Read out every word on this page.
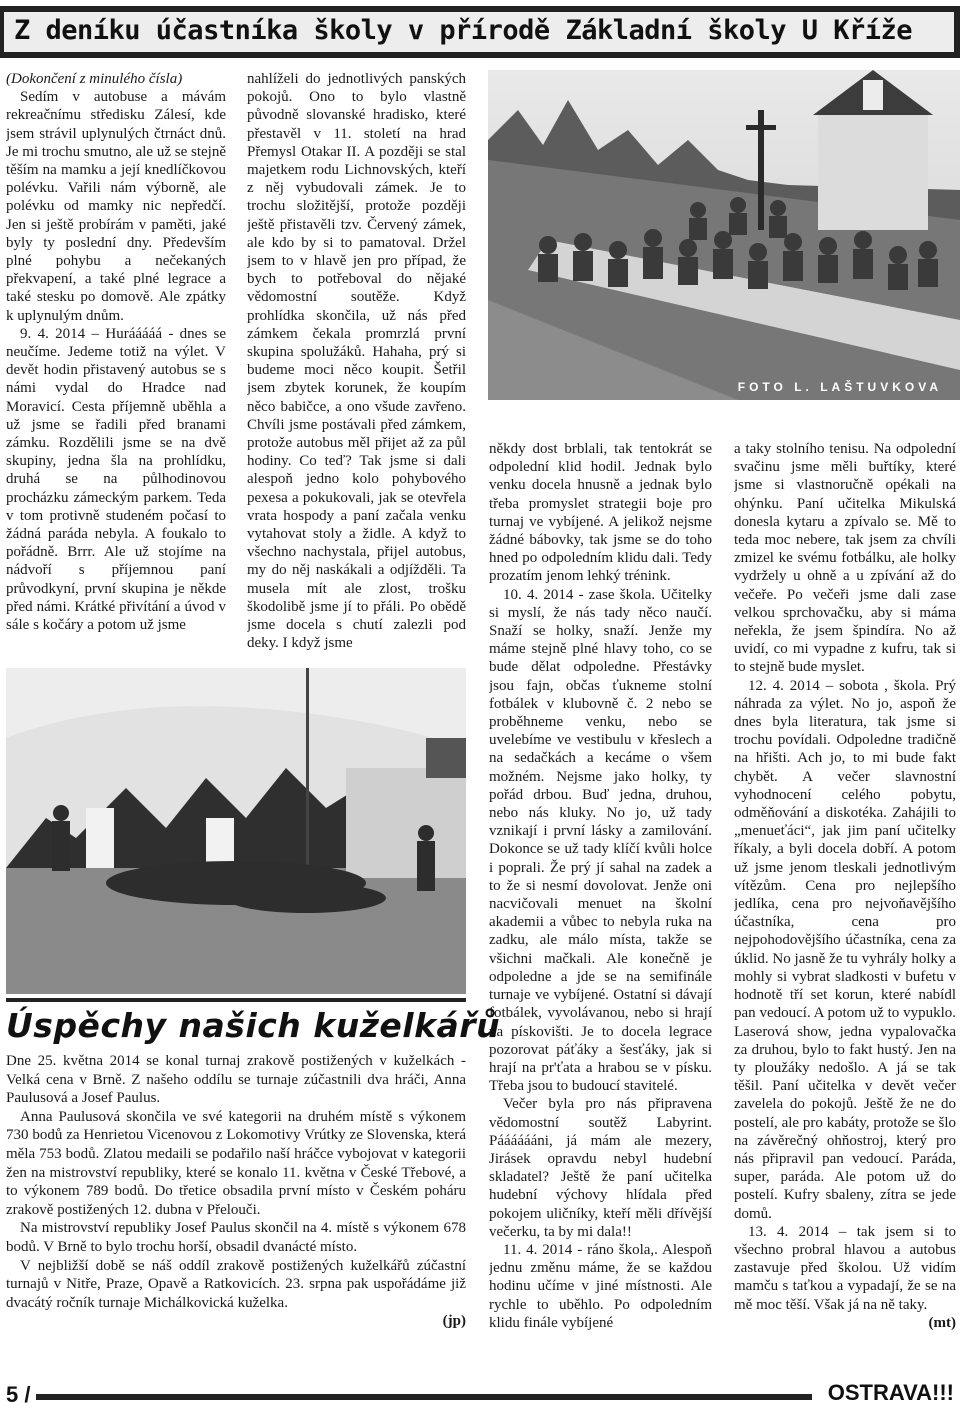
Z deníku účastníka školy v přírodě Základní školy U Kříže

(Dokončení z minulého čísla)

Sedím v autobuse a mávám rekreačnímu středisku Zálesí, kde jsem strávil uplynulých čtrnáct dnů. Je mi trochu smutno, ale už se stejně těším na mamku a její knedlíčkovou polévku. Vařili nám výborně, ale polévku od mamky nic nepředčí. Jen si ještě probírám v paměti, jaké byly ty poslední dny. Především plné pohybu a nečekaných překvapení, a také plné legrace a také stesku po domově. Ale zpátky k uplynulým dnům.

9. 4. 2014 – Hurááááá - dnes se neučíme. Jedeme totiž na výlet. V devět hodin přistavený autobus se s námi vydal do Hradce nad Moravicí. Cesta příjemně uběhla a už jsme se řadili před branami zámku. Rozdělili jsme se na dvě skupiny, jedna šla na prohlídku, druhá se na půlhodinovou procházku zámeckým parkem. Teda v tom protivně studeném počasí to žádná paráda nebyla. A foukalo to pořádně. Brrr. Ale už stojíme na nádvoří s příjemnou paní průvodkyní, první skupina je někde před námi. Krátké přivítání a úvod v sále s kočáry a potom už jsme

nahlíželi do jednotlivých panských pokojů. Ono to bylo vlastně původně slovanské hradisko, které přestavěl v 11. století na hrad Přemysl Otakar II. A později se stal majetkem rodu Lichnovských, kteří z něj vybudovali zámek. Je to trochu složitější, protože později ještě přistavěli tzv. Červený zámek, ale kdo by si to pamatoval. Držel jsem to v hlavě jen pro případ, že bych to potřeboval do nějaké vědomostní soutěže. Když prohlídka skončila, už nás před zámkem čekala promrzlá první skupina spolužáků. Hahaha, prý si budeme moci něco koupit. Šetřil jsem zbytek korunek, že koupím něco babičce, a ono všude zavřeno. Chvíli jsme postávali před zámkem, protože autobus měl přijet až za půl hodiny. Co teď? Tak jsme si dali alespoň jedno kolo pohybového pexesa a pokukovali, jak se otevřela vrata hospody a paní začala venku vytahovat stoly a židle. A když to všechno nachystala, přijel autobus, my do něj naskákali a odjížděli. Ta musela mít ale zlost, trošku škodolibě jsme jí to přáli. Po obědě jsme docela s chutí zalezli pod deky. I když jsme

FOTO L. LAŠTUVKOVA

někdy dost brblali, tak tentokrát se odpolední klid hodil. Jednak bylo venku docela hnusně a jednak bylo třeba promyslet strategii boje pro turnaj ve vybíjené. A jelikož nejsme žádné bábovky, tak jsme se do toho hned po odpoledním klidu dali. Tedy prozatím jenom lehký trénink.

10. 4. 2014 - zase škola. Učitelky si myslí, že nás tady něco naučí. Snaží se holky, snaží. Jenže my máme stejně plné hlavy toho, co se bude dělat odpoledne. Přestávky jsou fajn, občas ťukneme stolní fotbálek v klubovně č. 2 nebo se proběhneme venku, nebo se uvelebíme ve vestibulu v křeslech a na sedačkách a kecáme o všem možném. Nejsme jako holky, ty pořád drbou. Buď jedna, druhou, nebo nás kluky. No jo, už tady vznikají i první lásky a zamilování. Dokonce se už tady klíčí kvůli holce i poprali. Že prý jí sahal na zadek a to že si nesmí dovolovat. Jenže oni nacvičovali menuet na školní akademii a vůbec to nebyla ruka na zadku, ale málo místa, takže se všichni mačkali. Ale konečně je odpoledne a jde se na semifinále turnaje ve vybíjené. Ostatní si dávají fotbálek, vyvolávanou, nebo si hrají na pískovišti. Je to docela legrace pozorovat páťáky a šesťáky, jak si hrají na pr'ťata a hrabou se v písku. Třeba jsou to budoucí stavitelé.

Večer byla pro nás připravena vědomostní soutěž Labyrint. Pááááááni, já mám ale mezery, Jirásek opravdu nebyl hudební skladatel? Ještě že paní učitelka hudební výchovy hlídala před pokojem uličníky, kteří měli dřívější večerku, ta by mi dala!!

11. 4. 2014 - ráno škola,. Alespoň jednu změnu máme, že se každou hodinu učíme v jiné místnosti. Ale rychle to uběhlo. Po odpoledním klidu finále vybíjené

a taky stolního tenisu. Na odpolední svačinu jsme měli buřtíky, které jsme si vlastnoručně opékali na ohýnku. Paní učitelka Mikulská donesla kytaru a zpívalo se. Mě to teda moc nebere, tak jsem za chvíli zmizel ke svému fotbálku, ale holky vydržely u ohně a u zpívání až do večeře. Po večeři jsme dali zase velkou sprchovačku, aby si máma neřekla, že jsem špindíra. No až uvidí, co mi vypadne z kufru, tak si to stejně bude myslet.

12. 4. 2014 – sobota , škola. Prý náhrada za výlet. No jo, aspoň že dnes byla literatura, tak jsme si trochu povídali. Odpoledne tradičně na hřišti. Ach jo, to mi bude fakt chybět. A večer slavnostní vyhodnocení celého pobytu, odměňování a diskotéka. Zahájili to „menueťáci“, jak jim paní učitelky říkaly, a byli docela dobří. A potom už jsme jenom tleskali jednotlivým vítězům. Cena pro nejlepšího jedlíka, cena pro nejvoňavějšího účastníka, cena pro nejpohodovějšího účastníka, cena za úklid. No jasně že tu vyhrály holky a mohly si vybrat sladkosti v bufetu v hodnotě tří set korun, které nabídl pan vedoucí. A potom už to vypuklo. Laserová show, jedna vypalovačka za druhou, bylo to fakt hustý. Jen na ty ploužáky nedošlo. A já se tak těšil. Paní učitelka v devět večer zavelela do pokojů. Ještě že ne do postelí, ale pro kabáty, protože se šlo na závěrečný ohňostroj, který pro nás připravil pan vedoucí. Paráda, super, paráda. Ale potom už do postelí. Kufry sbaleny, zítra se jede domů.

13. 4. 2014 – tak jsem si to všechno probral hlavou a autobus zastavuje před školou. Už vidím mamču s taťkou a vypadají, že se na mě moc těší. Však já na ně taky.

(mt)

Úspěchy našich kuželkářů

Dne 25. května 2014 se konal turnaj zrakově postižených v kuželkách - Velká cena v Brně. Z našeho oddílu se turnaje zúčastnili dva hráči, Anna Paulusová a Josef Paulus.

Anna Paulusová skončila ve své kategorii na druhém místě s výkonem 730 bodů za Henrietou Vicenovou z Lokomotivy Vrútky ze Slovenska, která měla 753 bodů. Zlatou medaili se podařilo naší hráčce vybojovat v kategorii žen na mistrovství republiky, které se konalo 11. května v České Třebové, a to výkonem 789 bodů. Do třetice obsadila první místo v Českém poháru zrakově postižených 12. dubna v Přelouči.

Na mistrovství republiky Josef Paulus skončil na 4. místě s výkonem 678 bodů. V Brně to bylo trochu horší, obsadil dvanácté místo.

V nejbližší době se náš oddíl zrakově postižených kuželkářů zúčastní turnajů v Nitře, Praze, Opavě a Ratkovicích. 23. srpna pak uspořádáme již dvacátý ročník turnaje Michálkovická kuželka.

(jp)

5 /	OSTRAVA!!!
